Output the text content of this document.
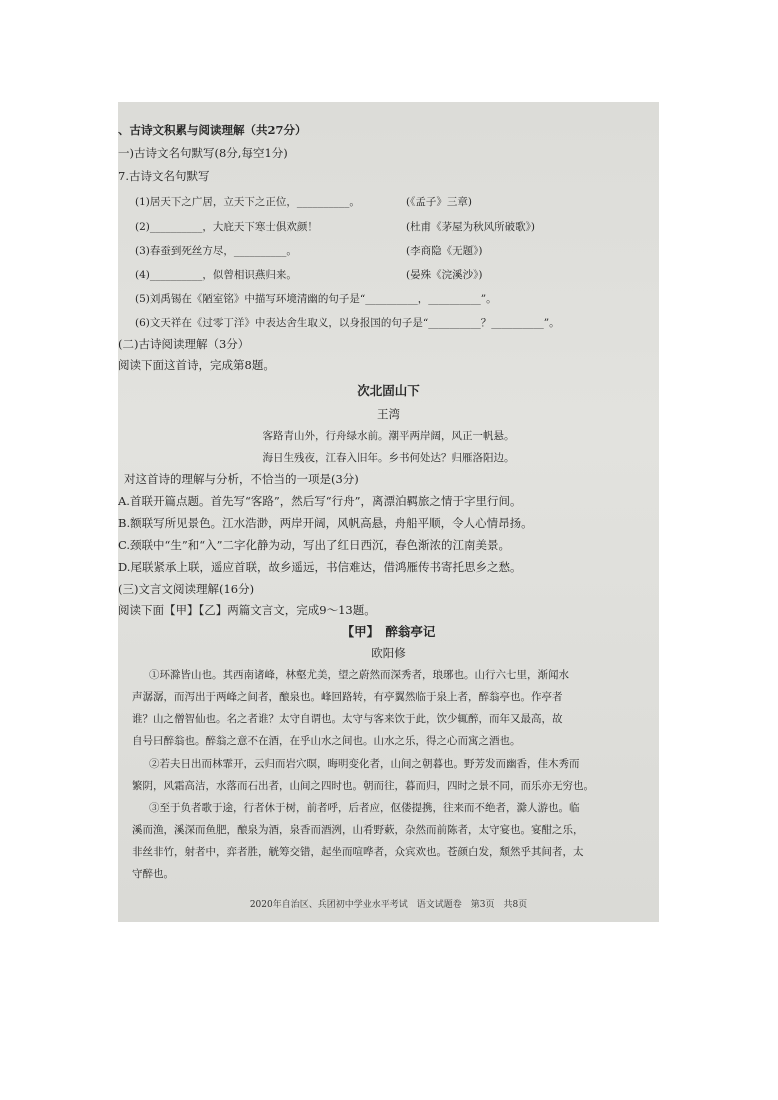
、古诗文积累与阅读理解（共27分）
一)古诗文名句默写(8分,每空1分)
7.古诗文名句默写
(1)居天下之广居，立天下之正位，__________。	(《孟子》三章)
(2)__________，大庇天下寒士俱欢颜！	(杜甫《茅屋为秋风所破歌》)
(3)春蚕到死丝方尽，__________。	(李商隐《无题》)
(4)__________，似曾相识燕归来。	(晏殊《浣溪沙》)
(5)刘禹锡在《陋室铭》中描写环境清幽的句子是“__________，__________”。
(6)文天祥在《过零丁洋》中表达舍生取义，以身报国的句子是“__________？__________”。
(二)古诗阅读理解（3分）
阅读下面这首诗，完成第8题。
次北固山下
王湾
客路青山外，行舟绿水前。潮平两岸阔，风正一帆悬。
海日生残夜，江春入旧年。乡书何处达？归雁洛阳边。
对这首诗的理解与分析，不恰当的一项是(3分)
A.首联开篇点题。首先写“客路”，然后写“行舟”，离漂泊羁旅之情于字里行间。
B.额联写所见景色。江水浩渺，两岸开阔，风帆高悬，舟船平顺，令人心情昂扬。
C.颈联中“生”和“入”二字化静为动，写出了红日西沉，春色渐浓的江南美景。
D.尾联紧承上联，遥应首联，故乡遥远，书信难达，借鸿雁传书寄托思乡之愁。
(三)文言文阅读理解(16分)
阅读下面【甲】【乙】两篇文言文，完成9～13题。
【甲】　 醉翁亭记
欧阳修
①环滁皆山也。其西南诸峰，林壑尤美，望之蔚然而深秀者，琅琊也。山行六七里，渐闻水
声潺潺，而泻出于两峰之间者，酿泉也。峰回路转，有亭翼然临于泉上者，醉翁亭也。作亭者
谁？山之僧智仙也。名之者谁？太守自谓也。太守与客来饮于此，饮少辄醉，而年又最高，故
自号曰醉翁也。醉翁之意不在酒，在乎山水之间也。山水之乐，得之心而寓之酒也。
②若夫日出而林霏开，云归而岩穴暝，晦明变化者，山间之朝暮也。野芳发而幽香，佳木秀而
繁阴，风霜高洁，水落而石出者，山间之四时也。朝而往，暮而归，四时之景不同，而乐亦无穷也。
③至于负者歌于途，行者休于树，前者呼，后者应，伛偻提携，往来而不绝者，滁人游也。临
溪而渔，溪深而鱼肥，酿泉为酒，泉香而酒洌，山肴野蔌，杂然而前陈者，太守宴也。宴酣之乐，
非丝非竹，射者中，弈者胜，觥筹交错，起坐而喧哗者，众宾欢也。苍颜白发，颓然乎其间者，太
守醉也。
2020年自治区、兵团初中学业水平考试　语文试题卷　第3页　共8页
